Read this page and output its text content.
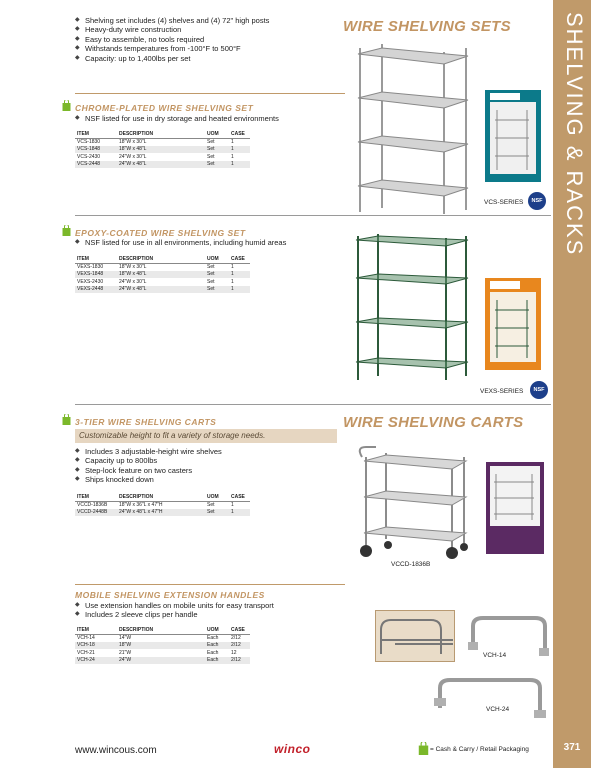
SHELVING & RACKS
371
◆ Shelving set includes (4) shelves and (4) 72" high posts
◆ Heavy-duty wire construction
◆ Easy to assemble, no tools required
◆ Withstands temperatures from -100°F to 500°F
◆ Capacity: up to 1,400lbs per set
WIRE SHELVING SETS
VCS-SERIES	NSF
CHROME-PLATED WIRE SHELVING SET
◆ NSF listed for use in dry storage and heated environments
ITEM	DESCRIPTION	UOM	CASE
VCS-1830	18"W x 30"L	Set	1
VCS-1848	18"W x 48"L	Set	1
VCS-2430	24"W x 30"L	Set	1
VCS-2448	24"W x 48"L	Set	1
EPOXY-COATED WIRE SHELVING SET
◆ NSF listed for use in all environments, including humid areas
ITEM	DESCRIPTION	UOM	CASE
VEXS-1830	18"W x 30"L	Set	1
VEXS-1848	18"W x 48"L	Set	1
VEXS-2430	24"W x 30"L	Set	1
VEXS-2448	24"W x 48"L	Set	1
VEXS-SERIES	NSF
3-TIER WIRE SHELVING CARTS	WIRE SHELVING CARTS
Customizable height to fit a variety of storage needs.
◆ Includes 3 adjustable-height wire shelves
◆ Capacity up to 800lbs
◆ Step-lock feature on two casters
◆ Ships knocked down
ITEM	DESCRIPTION	UOM	CASE
VCCD-1836B	18"W x 36"L x 47"H	Set	1
VCCD-2448B	24"W x 48"L x 47"H	Set	1
VCCD-1836B
MOBILE SHELVING EXTENSION HANDLES
◆ Use extension handles on mobile units for easy transport
◆ Includes 2 sleeve clips per handle
ITEM	DESCRIPTION	UOM	CASE
VCH-14	14"W	Each	2/12
VCH-18	18"W	Each	2/12
VCH-21	21"W	Each	12
VCH-24	24"W	Each	2/12
VCH-14
VCH-24
www.wincous.com	winco	= Cash & Carry / Retail Packaging
